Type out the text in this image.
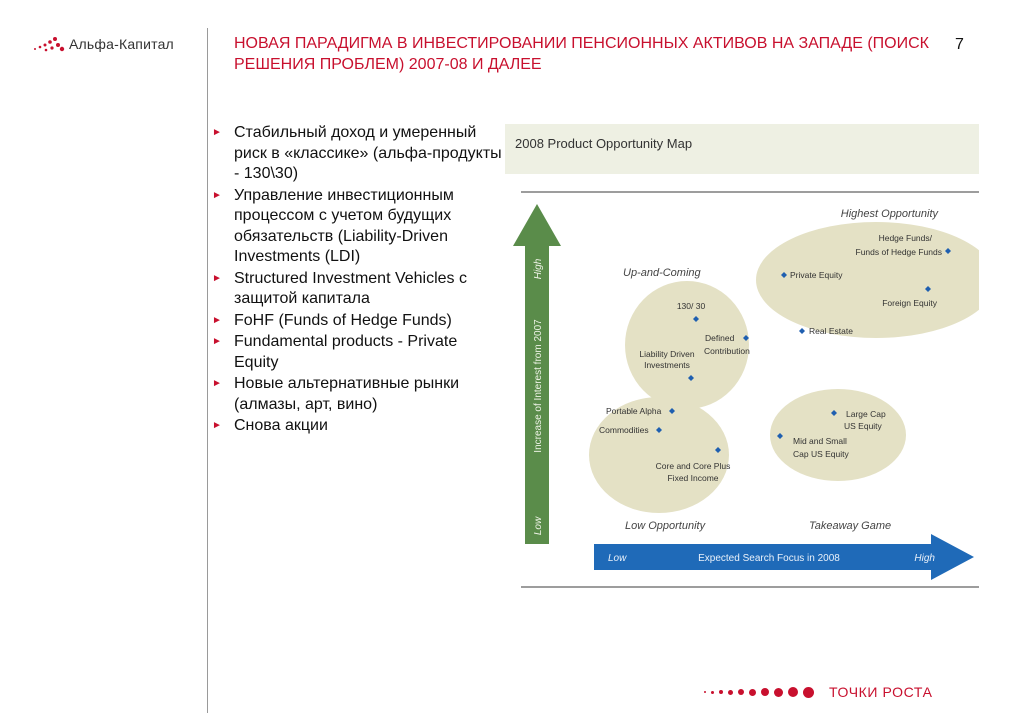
Альфа-Капитал	НОВАЯ ПАРАДИГМА В ИНВЕСТИРОВАНИИ ПЕНСИОННЫХ АКТИВОВ НА ЗАПАДЕ (ПОИСК РЕШЕНИЯ ПРОБЛЕМ) 2007-08 И ДАЛЕЕ
7
► Стабильный доход и умеренный риск в «классике» (альфа-продукты - 130\30)
► Управление инвестиционным процессом с учетом будущих обязательств (Liability-Driven Investments (LDI)
► Structured Investment Vehicles с защитой капитала
► FoHF (Funds of Hedge Funds)
► Fundamental products - Private Equity
► Новые альтернативные рынки (алмазы, арт, вино)
► Снова акции
2008 Product Opportunity Map
High
Increase of Interest from 2007
Low
Low	Expected Search Focus in 2008	High
Highest Opportunity
Up-and-Coming
Low Opportunity	Takeaway Game
Hedge Funds/
Funds of Hedge Funds
Private Equity
Foreign Equity
Real Estate
130/ 30
Defined
Contribution
Liability Driven
Investments
Portable Alpha
Commodities
Core and Core Plus
Fixed Income
Large Cap
US Equity
Mid and Small
Cap US Equity
ТОЧКИ РОСТА
